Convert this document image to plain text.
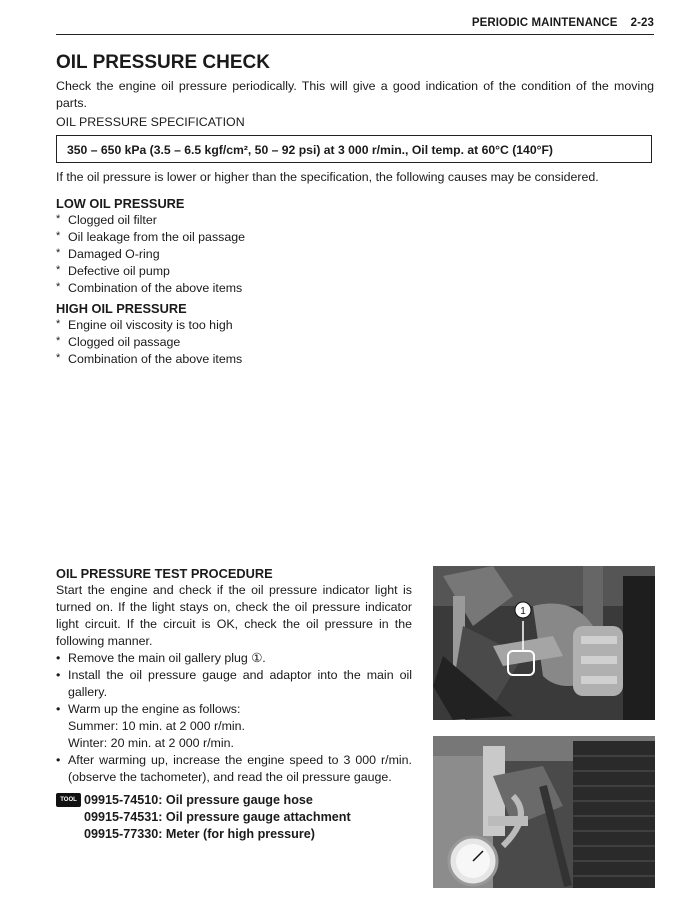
PERIODIC MAINTENANCE 2-23
OIL PRESSURE CHECK
Check the engine oil pressure periodically. This will give a good indication of the condition of the moving parts.
OIL PRESSURE SPECIFICATION
350 – 650 kPa (3.5 – 6.5 kgf/cm², 50 – 92 psi) at 3 000 r/min., Oil temp. at 60°C (140°F)
If the oil pressure is lower or higher than the specification, the following causes may be considered.
LOW OIL PRESSURE
* Clogged oil filter
* Oil leakage from the oil passage
* Damaged O-ring
* Defective oil pump
* Combination of the above items
HIGH OIL PRESSURE
* Engine oil viscosity is too high
* Clogged oil passage
* Combination of the above items
OIL PRESSURE TEST PROCEDURE

Start the engine and check if the oil pressure indicator light is turned on. If the light stays on, check the oil pressure indicator light circuit. If the circuit is OK, check the oil pressure in the following manner.

• Remove the main oil gallery plug ①.
• Install the oil pressure gauge and adaptor into the main oil gallery.
• Warm up the engine as follows:
Summer: 10 min. at 2 000 r/min.
Winter: 20 min. at 2 000 r/min.
• After warming up, increase the engine speed to 3 000 r/min. (observe the tachometer), and read the oil pressure gauge.
TOOL 09915-74510: Oil pressure gauge hose
09915-74531: Oil pressure gauge attachment
09915-77330: Meter (for high pressure)
1
